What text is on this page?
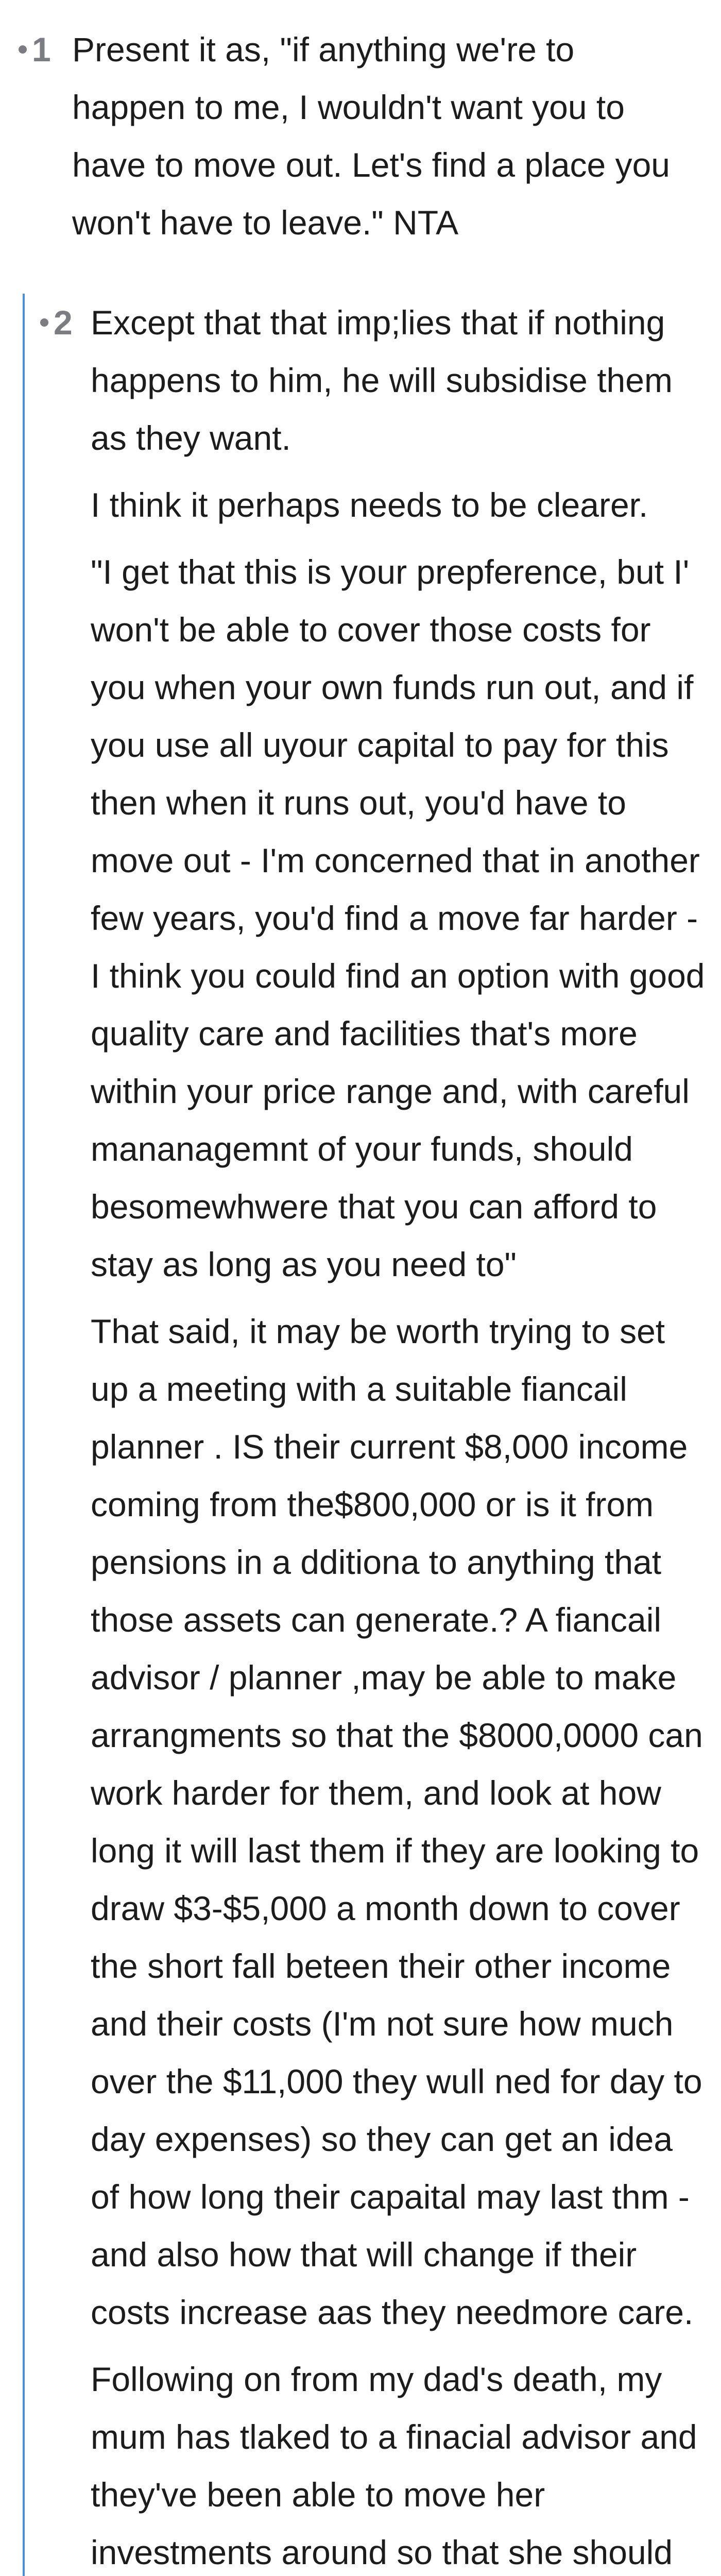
1 Present it as, "if anything we're to happen to me, I wouldn't want you to have to move out. Let's find a place you won't have to leave." NTA

2 Except that that imp;lies that if nothing happens to him, he will subsidise them as they want.

I think it perhaps needs to be clearer.

"I get that this is your prepference, but I' won't be able to cover those costs for you when your own funds run out, and if you use all uyour capital to pay for this then when it runs out, you'd have to move out - I'm concerned that in another few years, you'd find a move far harder - I think you could find an option with good quality care and facilities that's more within your price range and, with careful mananagemnt of your funds, should besomewhwere that you can afford to stay as long as you need to"

That said, it may be worth trying to set up a meeting with a suitable fiancail planner . IS their current $8,000 income coming from the$800,000 or is it from pensions in a dditiona to anything that those assets can generate.? A fiancail advisor / planner ,may be able to make arrangments so that the $8000,0000 can work harder for them, and look at how long it will last them if they are looking to draw $3-$5,000 a month down to cover the short fall beteen their other income and their costs (I'm not sure how much over the $11,000 they wull ned for day to day expenses) so they can get an idea of how long their capaital may last thm - and also how that will change if their costs increase aas they needmore care.

Following on from my dad's death, my mum has tlaked to a finacial advisor and they've been able to move her investments around so that she should
